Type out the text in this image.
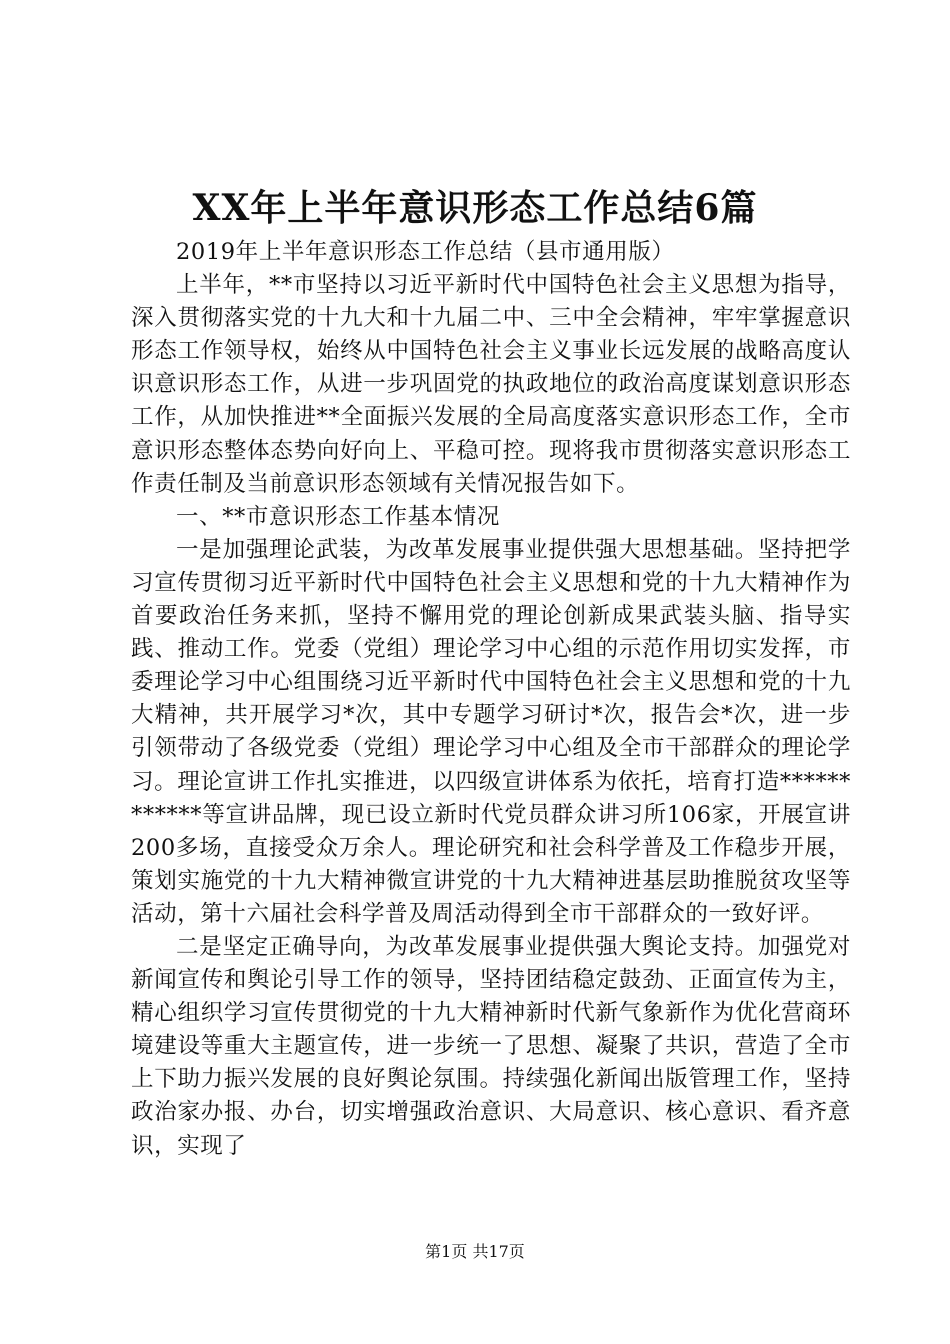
XX年上半年意识形态工作总结6篇

2019年上半年意识形态工作总结（县市通用版）

上半年，**市坚持以习近平新时代中国特色社会主义思想为指导，深入贯彻落实党的十九大和十九届二中、三中全会精神，牢牢掌握意识形态工作领导权，始终从中国特色社会主义事业长远发展的战略高度认识意识形态工作，从进一步巩固党的执政地位的政治高度谋划意识形态工作，从加快推进**全面振兴发展的全局高度落实意识形态工作，全市意识形态整体态势向好向上、平稳可控。现将我市贯彻落实意识形态工作责任制及当前意识形态领域有关情况报告如下。

一、**市意识形态工作基本情况

一是加强理论武装，为改革发展事业提供强大思想基础。坚持把学习宣传贯彻习近平新时代中国特色社会主义思想和党的十九大精神作为首要政治任务来抓，坚持不懈用党的理论创新成果武装头脑、指导实践、推动工作。党委（党组）理论学习中心组的示范作用切实发挥，市委理论学习中心组围绕习近平新时代中国特色社会主义思想和党的十九大精神，共开展学习*次，其中专题学习研讨*次，报告会*次，进一步引领带动了各级党委（党组）理论学习中心组及全市干部群众的理论学习。理论宣讲工作扎实推进，以四级宣讲体系为依托，培育打造************等宣讲品牌，现已设立新时代党员群众讲习所106家，开展宣讲200多场，直接受众万余人。理论研究和社会科学普及工作稳步开展，策划实施党的十九大精神微宣讲党的十九大精神进基层助推脱贫攻坚等活动，第十六届社会科学普及周活动得到全市干部群众的一致好评。

二是坚定正确导向，为改革发展事业提供强大舆论支持。加强党对新闻宣传和舆论引导工作的领导，坚持团结稳定鼓劲、正面宣传为主，精心组织学习宣传贯彻党的十九大精神新时代新气象新作为优化营商环境建设等重大主题宣传，进一步统一了思想、凝聚了共识，营造了全市上下助力振兴发展的良好舆论氛围。持续强化新闻出版管理工作，坚持政治家办报、办台，切实增强政治意识、大局意识、核心意识、看齐意识，实现了

第1页 共17页
